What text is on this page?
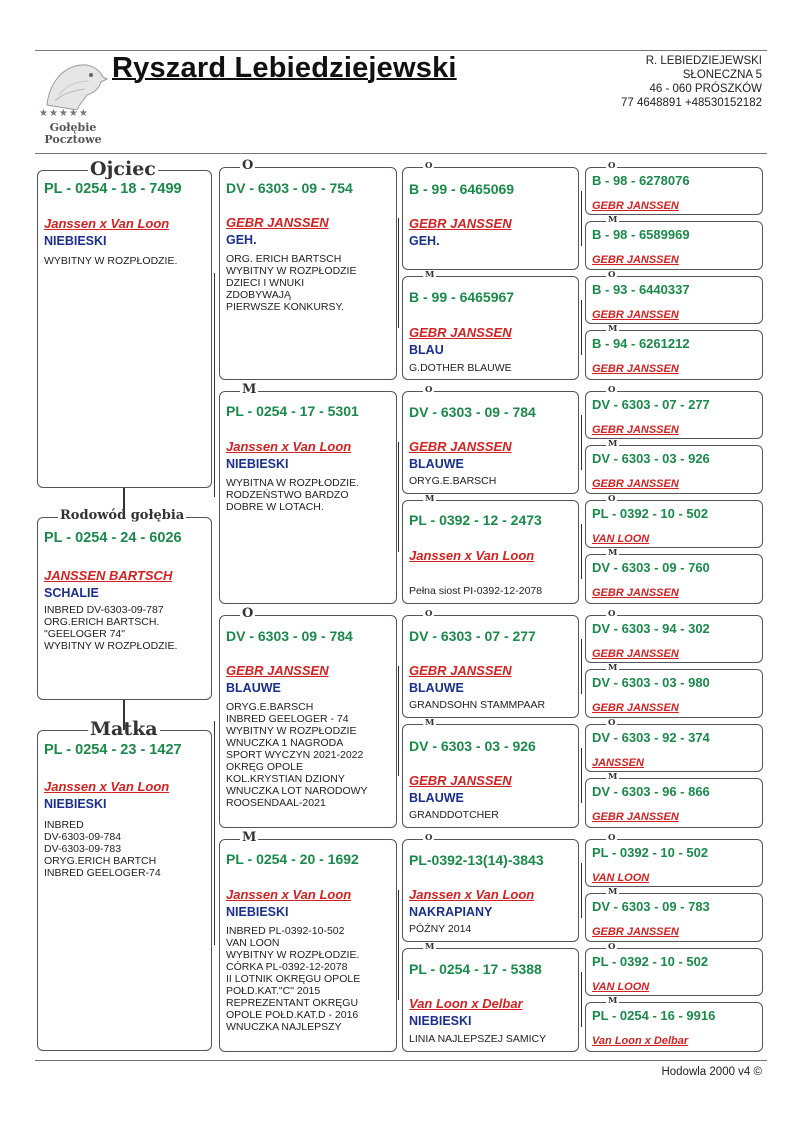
★★★★★
Gołębie
Pocztowe
Ryszard Lebiedziejewski	R. LEBIEDZIEJEWSKI
SŁONECZNA 5
46 - 060 PRÓSZKÓW
77 4648891 +48530152182
Ojciec
PL - 0254 - 18 - 7499
Janssen x Van Loon
NIEBIESKI
WYBITNY W ROZPŁODZIE.
Rodowód gołębia
PL - 0254 - 24 - 6026
JANSSEN BARTSCH
SCHALIE
INBRED DV-6303-09-787
ORG.ERICH BARTSCH.
"GEELOGER 74"
WYBITNY W ROZPŁODZIE.
Matka
PL - 0254 - 23 - 1427
Janssen x Van Loon
NIEBIESKI
INBRED
DV-6303-09-784
DV-6303-09-783
ORYG.ERICH BARTCH
INBRED GEELOGER-74
O
DV - 6303 - 09 - 754
GEBR JANSSEN
GEH.
ORG. ERICH BARTSCH
WYBITNY W ROZPŁODZIE
DZIECI I WNUKI
ZDOBYWAJĄ
PIERWSZE KONKURSY.
M
PL - 0254 - 17 - 5301
Janssen x Van Loon
NIEBIESKI
WYBITNA W ROZPŁODZIE.
RODZEŃSTWO BARDZO
DOBRE W LOTACH.
O
DV - 6303 - 09 - 784
GEBR JANSSEN
BLAUWE
ORYG.E.BARSCH
INBRED GEELOGER - 74
WYBITNY W ROZPŁODZIE
WNUCZKA 1 NAGRODA
SPORT WYCZYN 2021-2022
OKRĘG OPOLE
KOL.KRYSTIAN DZIONY
WNUCZKA LOT NARODOWY
ROOSENDAAL-2021
M
PL - 0254 - 20 - 1692
Janssen x Van Loon
NIEBIESKI
INBRED PL-0392-10-502
VAN LOON
WYBITNY W ROZPŁODZIE.
CÓRKA PL-0392-12-2078
II LOTNIK OKRĘGU OPOLE
POŁD.KAT."C" 2015
REPREZENTANT OKRĘGU
OPOLE POŁD.KAT.D - 2016
WNUCZKA NAJLEPSZY
O
B - 99 - 6465069
GEBR JANSSEN
GEH.
M
B - 99 - 6465967
GEBR JANSSEN
BLAU
G.DOTHER BLAUWE
O
DV - 6303 - 09 - 784
GEBR JANSSEN
BLAUWE
ORYG.E.BARSCH
M
PL - 0392 - 12 - 2473
Janssen x Van Loon
Pełna siost PI-0392-12-2078
O
DV - 6303 - 07 - 277
GEBR JANSSEN
BLAUWE
GRANDSOHN STAMMPAAR
M
DV - 6303 - 03 - 926
GEBR JANSSEN
BLAUWE
GRANDDOTCHER
O
PL-0392-13(14)-3843
Janssen x Van Loon
NAKRAPIANY
PÓŹNY 2014
M
PL - 0254 - 17 - 5388
Van Loon x Delbar
NIEBIESKI
LINIA NAJLEPSZEJ SAMICY
O
B - 98 - 6278076
GEBR JANSSEN
M
B - 98 - 6589969
GEBR JANSSEN
O
B - 93 - 6440337
GEBR JANSSEN
M
B - 94 - 6261212
GEBR JANSSEN
O
DV - 6303 - 07 - 277
GEBR JANSSEN
M
DV - 6303 - 03 - 926
GEBR JANSSEN
O
PL - 0392 - 10 - 502
VAN LOON
M
DV - 6303 - 09 - 760
GEBR JANSSEN
O
DV - 6303 - 94 - 302
GEBR JANSSEN
M
DV - 6303 - 03 - 980
GEBR JANSSEN
O
DV - 6303 - 92 - 374
JANSSEN
M
DV - 6303 - 96 - 866
GEBR JANSSEN
O
PL - 0392 - 10 - 502
VAN LOON
M
DV - 6303 - 09 - 783
GEBR JANSSEN
O
PL - 0392 - 10 - 502
VAN LOON
M
PL - 0254 - 16 - 9916
Van Loon x Delbar
Hodowla 2000 v4 ©
